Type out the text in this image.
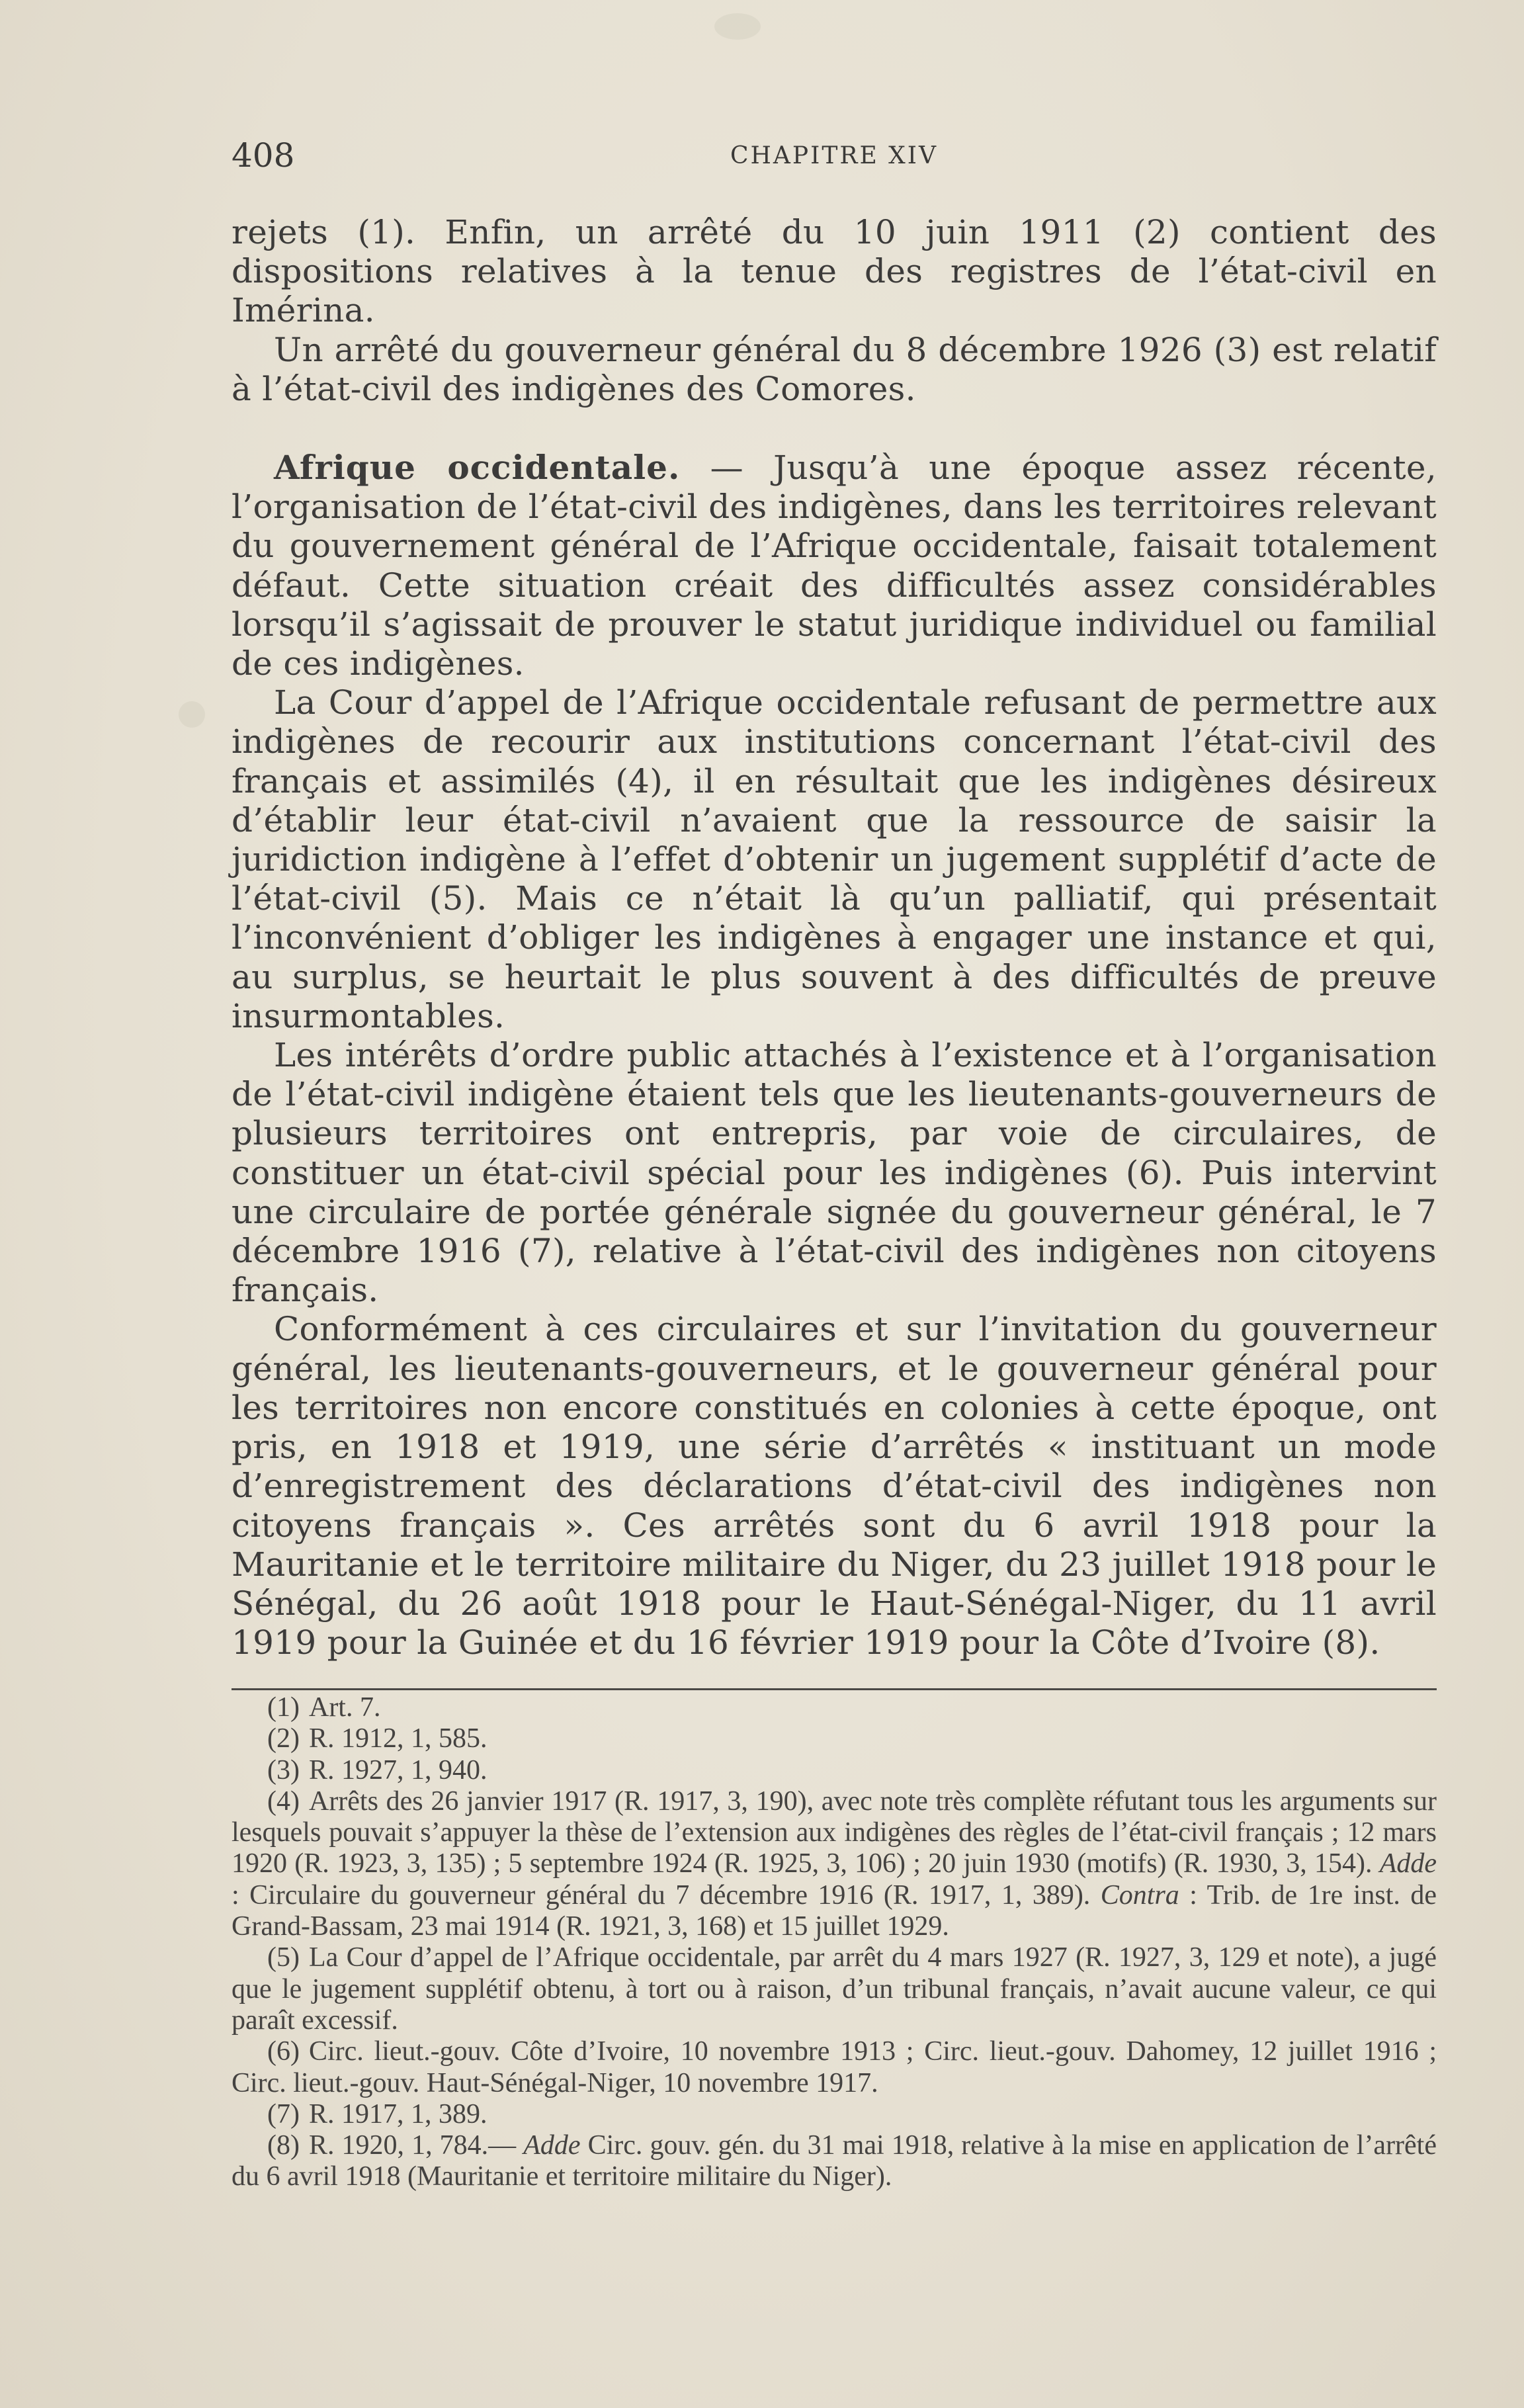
408	CHAPITRE XIV

rejets (1). Enfin, un arrêté du 10 juin 1911 (2) contient des dispositions relatives à la tenue des registres de l’état-civil en Imérina.

Un arrêté du gouverneur général du 8 décembre 1926 (3) est relatif à l’état-civil des indigènes des Comores.

Afrique occidentale. — Jusqu’à une époque assez récente, l’organisation de l’état-civil des indigènes, dans les territoires relevant du gouvernement général de l’Afrique occidentale, faisait totalement défaut. Cette situation créait des difficultés assez considérables lorsqu’il s’agissait de prouver le statut juridique individuel ou familial de ces indigènes.

La Cour d’appel de l’Afrique occidentale refusant de permettre aux indigènes de recourir aux institutions concernant l’état-civil des français et assimilés (4), il en résultait que les indigènes désireux d’établir leur état-civil n’avaient que la ressource de saisir la juridiction indigène à l’effet d’obtenir un jugement supplétif d’acte de l’état-civil (5). Mais ce n’était là qu’un palliatif, qui présentait l’inconvénient d’obliger les indigènes à engager une instance et qui, au surplus, se heurtait le plus souvent à des difficultés de preuve insurmontables.

Les intérêts d’ordre public attachés à l’existence et à l’organisation de l’état-civil indigène étaient tels que les lieutenants-gouverneurs de plusieurs territoires ont entrepris, par voie de circulaires, de constituer un état-civil spécial pour les indigènes (6). Puis intervint une circulaire de portée générale signée du gouverneur général, le 7 décembre 1916 (7), relative à l’état-civil des indigènes non citoyens français.

Conformément à ces circulaires et sur l’invitation du gouverneur général, les lieutenants-gouverneurs, et le gouverneur général pour les territoires non encore constitués en colonies à cette époque, ont pris, en 1918 et 1919, une série d’arrêtés « instituant un mode d’enregistrement des déclarations d’état-civil des indigènes non citoyens français ». Ces arrêtés sont du 6 avril 1918 pour la Mauritanie et le territoire militaire du Niger, du 23 juillet 1918 pour le Sénégal, du 26 août 1918 pour le Haut-Sénégal-Niger, du 11 avril 1919 pour la Guinée et du 16 février 1919 pour la Côte d’Ivoire (8).

(1) Art. 7.

(2) R. 1912, 1, 585.

(3) R. 1927, 1, 940.

(4) Arrêts des 26 janvier 1917 (R. 1917, 3, 190), avec note très complète réfutant tous les arguments sur lesquels pouvait s’appuyer la thèse de l’extension aux indigènes des règles de l’état-civil français ; 12 mars 1920 (R. 1923, 3, 135) ; 5 septembre 1924 (R. 1925, 3, 106) ; 20 juin 1930 (motifs) (R. 1930, 3, 154). Adde : Circulaire du gouverneur général du 7 décembre 1916 (R. 1917, 1, 389). Contra : Trib. de 1re inst. de Grand-Bassam, 23 mai 1914 (R. 1921, 3, 168) et 15 juillet 1929.

(5) La Cour d’appel de l’Afrique occidentale, par arrêt du 4 mars 1927 (R. 1927, 3, 129 et note), a jugé que le jugement supplétif obtenu, à tort ou à raison, d’un tribunal français, n’avait aucune valeur, ce qui paraît excessif.

(6) Circ. lieut.-gouv. Côte d’Ivoire, 10 novembre 1913 ; Circ. lieut.-gouv. Dahomey, 12 juillet 1916 ; Circ. lieut.-gouv. Haut-Sénégal-Niger, 10 novembre 1917.

(7) R. 1917, 1, 389.

(8) R. 1920, 1, 784.— Adde Circ. gouv. gén. du 31 mai 1918, relative à la mise en application de l’arrêté du 6 avril 1918 (Mauritanie et territoire militaire du Niger).
